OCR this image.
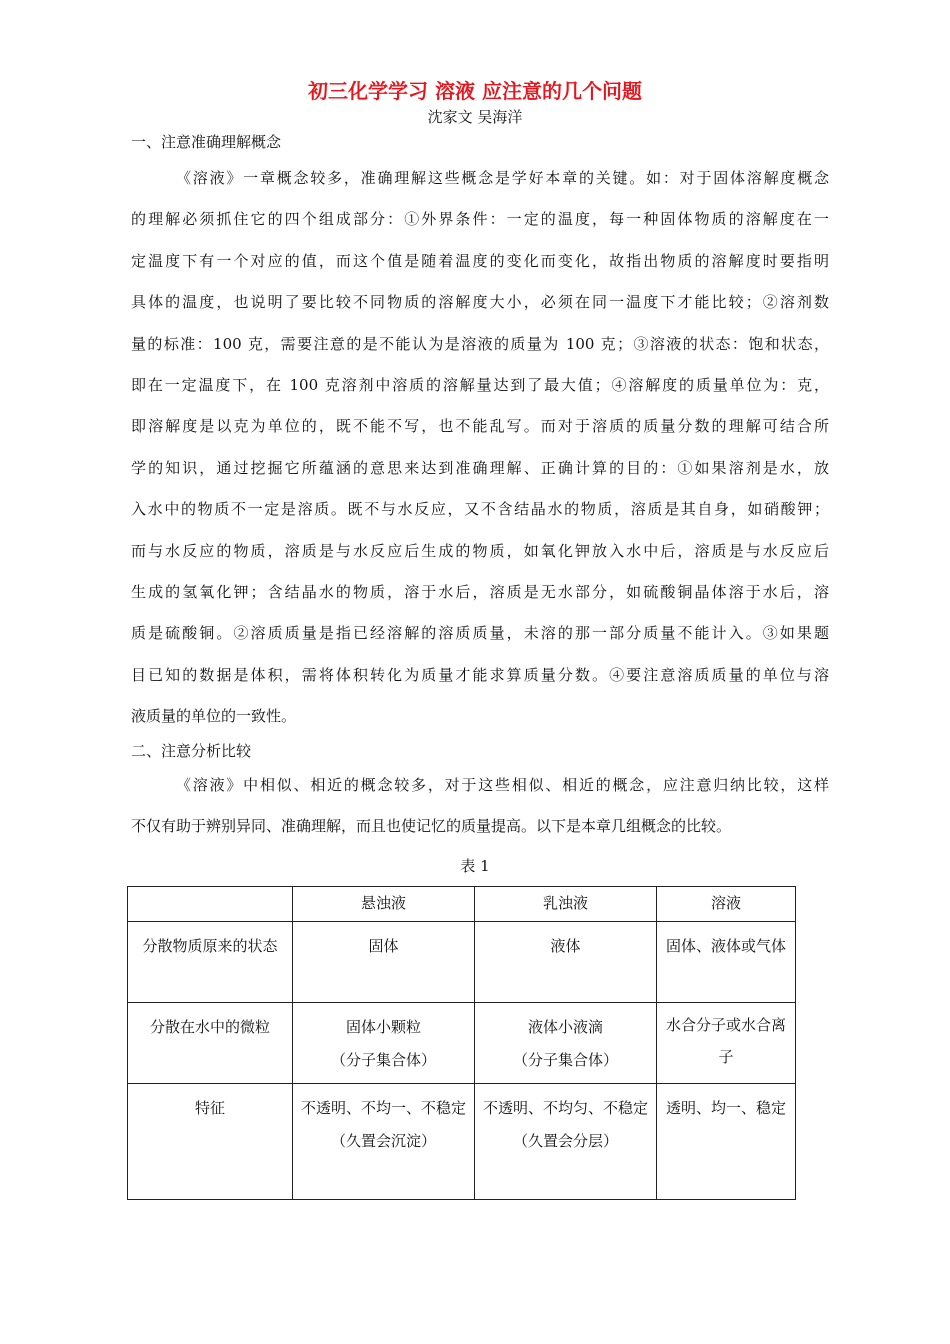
初三化学学习 溶液 应注意的几个问题
沈家文 吴海洋
一、注意准确理解概念
《溶液》一章概念较多，准确理解这些概念是学好本章的关键。如：对于固体溶解度概念
的理解必须抓住它的四个组成部分：①外界条件：一定的温度，每一种固体物质的溶解度在一
定温度下有一个对应的值，而这个值是随着温度的变化而变化，故指出物质的溶解度时要指明
具体的温度，也说明了要比较不同物质的溶解度大小，必须在同一温度下才能比较；②溶剂数
量的标准：100 克，需要注意的是不能认为是溶液的质量为 100 克；③溶液的状态：饱和状态，
即在一定温度下，在 100 克溶剂中溶质的溶解量达到了最大值；④溶解度的质量单位为：克，
即溶解度是以克为单位的，既不能不写，也不能乱写。而对于溶质的质量分数的理解可结合所
学的知识，通过挖掘它所蕴涵的意思来达到准确理解、正确计算的目的：①如果溶剂是水，放
入水中的物质不一定是溶质。既不与水反应，又不含结晶水的物质，溶质是其自身，如硝酸钾；
而与水反应的物质，溶质是与水反应后生成的物质，如氧化钾放入水中后，溶质是与水反应后
生成的氢氧化钾；含结晶水的物质，溶于水后，溶质是无水部分，如硫酸铜晶体溶于水后，溶
质是硫酸铜。②溶质质量是指已经溶解的溶质质量，未溶的那一部分质量不能计入。③如果题
目已知的数据是体积，需将体积转化为质量才能求算质量分数。④要注意溶质质量的单位与溶
液质量的单位的一致性。
二、注意分析比较
《溶液》中相似、相近的概念较多，对于这些相似、相近的概念，应注意归纳比较，这样
不仅有助于辨别异同、准确理解，而且也使记忆的质量提高。以下是本章几组概念的比较。
表 1
	悬浊液	乳浊液	溶液
分散物质原来的状态	固体	液体	固体、液体或气体
分散在水中的微粒	固体小颗粒
（分子集合体）	液体小液滴
（分子集合体）	水合分子或水合离子
特征	不透明、不均一、不稳定
（久置会沉淀）	不透明、不均匀、不稳定
（久置会分层）	透明、均一、稳定
